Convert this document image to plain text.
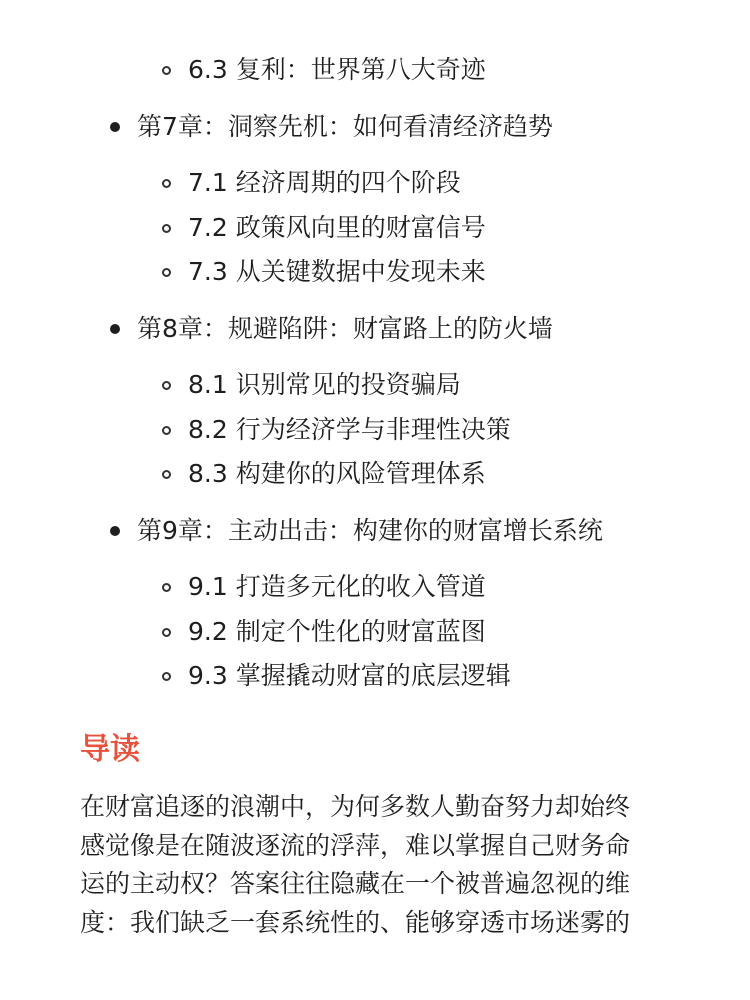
6.3 复利：世界第八大奇迹
第7章：洞察先机：如何看清经济趋势
7.1 经济周期的四个阶段
7.2 政策风向里的财富信号
7.3 从关键数据中发现未来
第8章：规避陷阱：财富路上的防火墙
8.1 识别常见的投资骗局
8.2 行为经济学与非理性决策
8.3 构建你的风险管理体系
第9章：主动出击：构建你的财富增长系统
9.1 打造多元化的收入管道
9.2 制定个性化的财富蓝图
9.3 掌握撬动财富的底层逻辑
导读

在财富追逐的浪潮中，为何多数人勤奋努力却始终
感觉像是在随波逐流的浮萍，难以掌握自己财务命
运的主动权？答案往往隐藏在一个被普遍忽视的维
度：我们缺乏一套系统性的、能够穿透市场迷雾的
